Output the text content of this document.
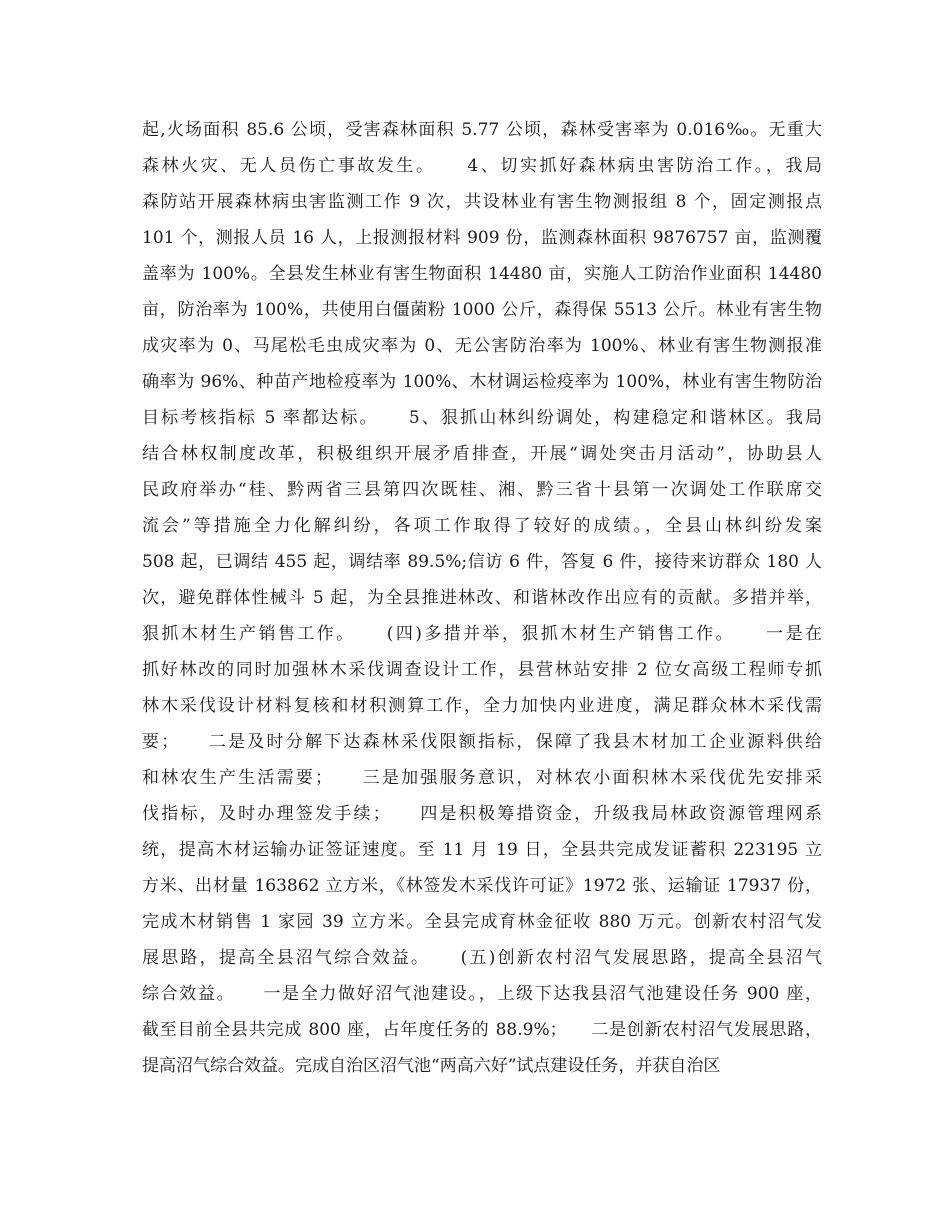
起,火场面积 85.6 公顷，受害森林面积 5.77 公顷，森林受害率为 0.016‰。无重大
森林火灾、无人员伤亡事故发生。    4、切实抓好森林病虫害防治工作。，我局
森防站开展森林病虫害监测工作 9 次，共设林业有害生物测报组 8 个，固定测报点
101 个，测报人员 16 人，上报测报材料 909 份，监测森林面积 9876757 亩，监测覆
盖率为 100%。全县发生林业有害生物面积 14480 亩，实施人工防治作业面积 14480
亩，防治率为 100%，共使用白僵菌粉 1000 公斤，森得保 5513 公斤。林业有害生物
成灾率为 0、马尾松毛虫成灾率为 0、无公害防治率为 100%、林业有害生物测报准
确率为 96%、种苗产地检疫率为 100%、木材调运检疫率为 100%，林业有害生物防治
目标考核指标 5 率都达标。    5、狠抓山林纠纷调处，构建稳定和谐林区。我局
结合林权制度改革，积极组织开展矛盾排查，开展“调处突击月活动”，协助县人
民政府举办“桂、黔两省三县第四次既桂、湘、黔三省十县第一次调处工作联席交
流会”等措施全力化解纠纷，各项工作取得了较好的成绩。，全县山林纠纷发案
508 起，已调结 455 起，调结率 89.5%;信访 6 件，答复 6 件，接待来访群众 180 人
次，避免群体性械斗 5 起，为全县推进林改、和谐林改作出应有的贡献。多措并举，
狠抓木材生产销售工作。    (四)多措并举，狠抓木材生产销售工作。    一是在
抓好林改的同时加强林木采伐调查设计工作，县营林站安排 2 位女高级工程师专抓
林木采伐设计材料复核和材积测算工作，全力加快内业进度，满足群众林木采伐需
要；    二是及时分解下达森林采伐限额指标，保障了我县木材加工企业源料供给
和林农生产生活需要；    三是加强服务意识，对林农小面积林木采伐优先安排采
伐指标，及时办理签发手续；    四是积极筹措资金，升级我局林政资源管理网系
统，提高木材运输办证签证速度。至 11 月 19 日，全县共完成发证蓄积 223195 立
方米、出材量 163862 立方米，《林签发木采伐许可证》1972 张、运输证 17937 份，
完成木材销售 1 家园 39 立方米。全县完成育林金征收 880 万元。创新农村沼气发
展思路，提高全县沼气综合效益。    (五)创新农村沼气发展思路，提高全县沼气
综合效益。    一是全力做好沼气池建设。，上级下达我县沼气池建设任务 900 座，
截至目前全县共完成 800 座，占年度任务的 88.9%；    二是创新农村沼气发展思路，
提高沼气综合效益。完成自治区沼气池“两高六好”试点建设任务，并获自治区
